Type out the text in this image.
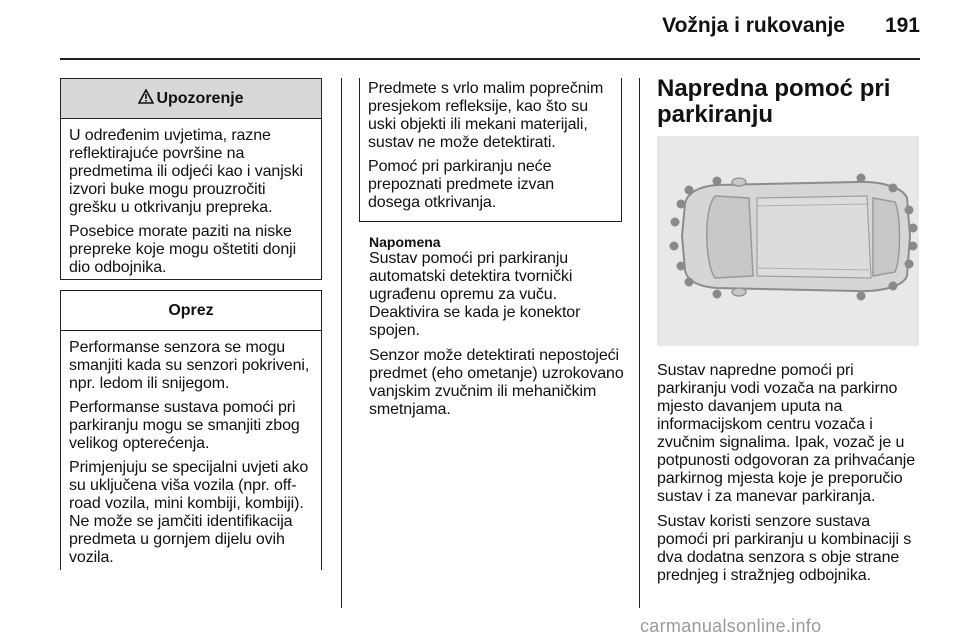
Vožnja i rukovanje 191
Upozorenje

U određenim uvjetima, razne
reflektirajuće površine na
predmetima ili odjeći kao i vanjski
izvori buke mogu prouzročiti
grešku u otkrivanju prepreka.

Posebice morate paziti na niske
prepreke koje mogu oštetiti donji
dio odbojnika.

Oprez

Performanse senzora se mogu
smanjiti kada su senzori pokriveni,
npr. ledom ili snijegom.

Performanse sustava pomoći pri
parkiranju mogu se smanjiti zbog
velikog opterećenja.

Primjenjuju se specijalni uvjeti ako
su uključena viša vozila (npr. off-
road vozila, mini kombiji, kombiji).
Ne može se jamčiti identifikacija
predmeta u gornjem dijelu ovih
vozila.

Predmete s vrlo malim poprečnim
presjekom refleksije, kao što su
uski objekti ili mekani materijali,
sustav ne može detektirati.

Pomoć pri parkiranju neće
prepoznati predmete izvan
dosega otkrivanja.

Napomena

Sustav pomoći pri parkiranju
automatski detektira tvornički
ugrađenu opremu za vuču.
Deaktivira se kada je konektor
spojen.

Senzor može detektirati nepostojeći
predmet (eho ometanje) uzrokovano
vanjskim zvučnim ili mehaničkim
smetnjama.

Napredna pomoć pri
parkiranju

Sustav napredne pomoći pri
parkiranju vodi vozača na parkirno
mjesto davanjem uputa na
informacijskom centru vozača i
zvučnim signalima. Ipak, vozač je u
potpunosti odgovoran za prihvaćanje
parkirnog mjesta koje je preporučio
sustav i za manevar parkiranja.

Sustav koristi senzore sustava
pomoći pri parkiranju u kombinaciji s
dva dodatna senzora s obje strane
prednjeg i stražnjeg odbojnika.

carmanualsonline.info
